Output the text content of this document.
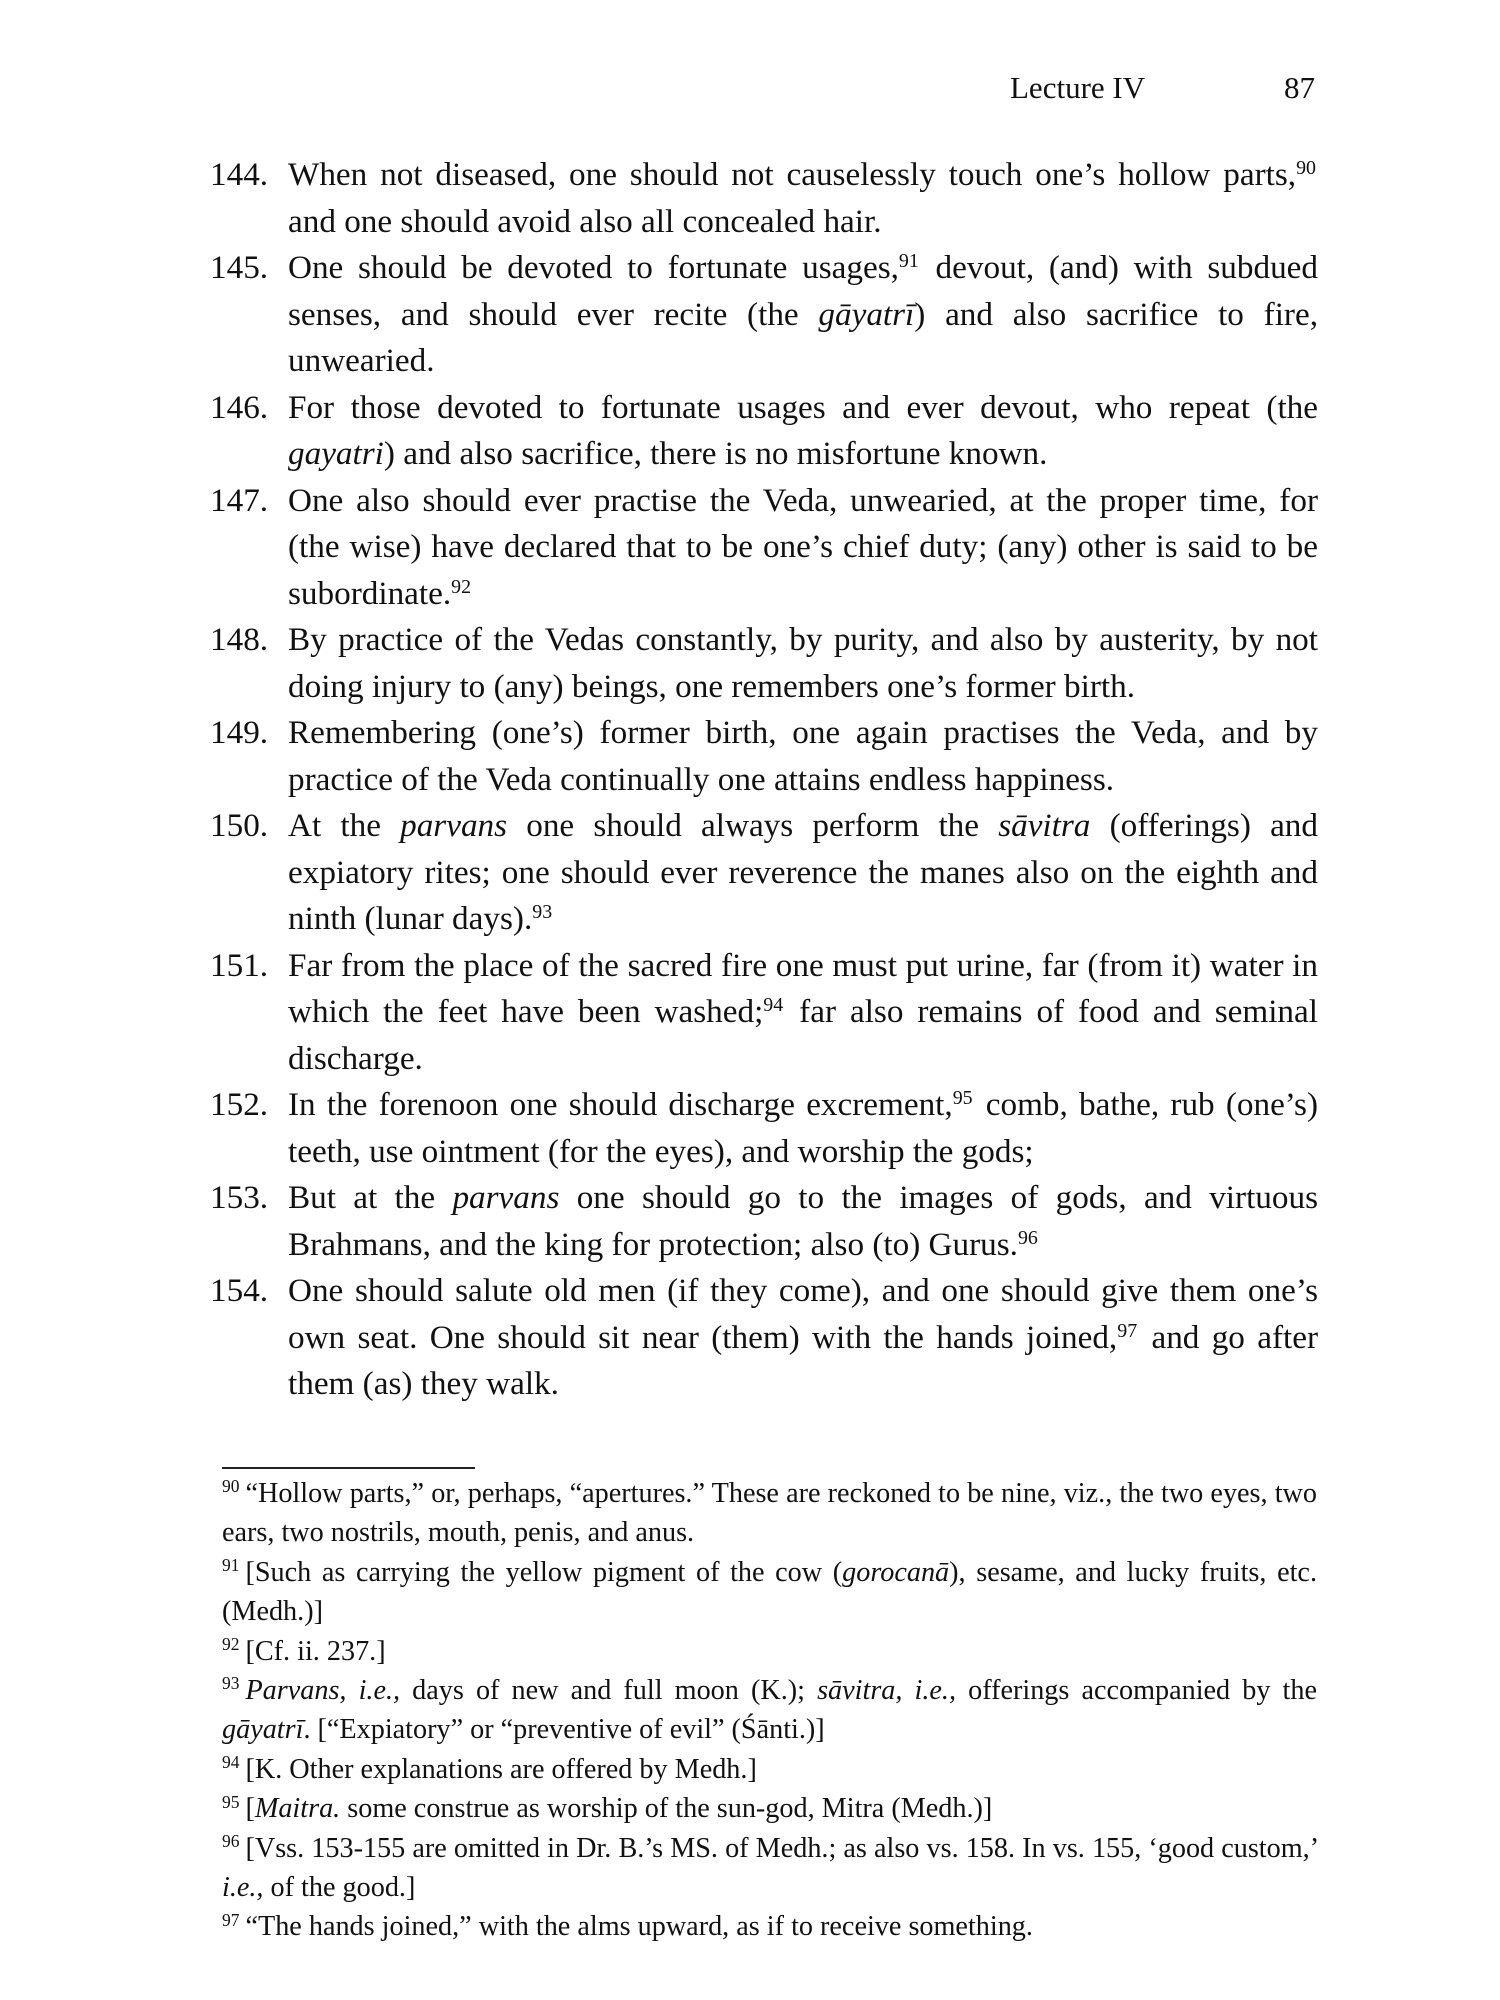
Lecture IV	87

144. When not diseased, one should not causelessly touch one’s hollow parts,$^{90}$ and one should avoid also all concealed hair.

145. One should be devoted to fortunate usages,$^{91}$ devout, (and) with subdued senses, and should ever recite (the gāyatrī) and also sacrifice to fire, unwearied.

146. For those devoted to fortunate usages and ever devout, who repeat (the gayatri) and also sacrifice, there is no misfortune known.

147. One also should ever practise the Veda, unwearied, at the proper time, for (the wise) have declared that to be one’s chief duty; (any) other is said to be subordinate.$^{92}$

148. By practice of the Vedas constantly, by purity, and also by austerity, by not doing injury to (any) beings, one remembers one’s former birth.

149. Remembering (one’s) former birth, one again practises the Veda, and by practice of the Veda continually one attains endless happiness.

150. At the parvans one should always perform the sāvitra (offerings) and expiatory rites; one should ever reverence the manes also on the eighth and ninth (lunar days).$^{93}$

151. Far from the place of the sacred fire one must put urine, far (from it) water in which the feet have been washed;$^{94}$ far also remains of food and seminal discharge.

152. In the forenoon one should discharge excrement,$^{95}$ comb, bathe, rub (one’s) teeth, use ointment (for the eyes), and worship the gods;

153. But at the parvans one should go to the images of gods, and virtuous Brahmans, and the king for protection; also (to) Gurus.$^{96}$

154. One should salute old men (if they come), and one should give them one’s own seat. One should sit near (them) with the hands joined,$^{97}$ and go after them (as) they walk.

$^{90}$ “Hollow parts,” or, perhaps, “apertures.” These are reckoned to be nine, viz., the two eyes, two ears, two nostrils, mouth, penis, and anus.

$^{91}$ [Such as carrying the yellow pigment of the cow (gorocanā), sesame, and lucky fruits, etc. (Medh.)]

$^{92}$ [Cf. ii. 237.]

$^{93}$ Parvans, i.e., days of new and full moon (K.); sāvitra, i.e., offerings accompanied by the gāyatrī. [“Expiatory” or “preventive of evil” (Śānti.)]

$^{94}$ [K. Other explanations are offered by Medh.]

$^{95}$ [Maitra. some construe as worship of the sun-god, Mitra (Medh.)]

$^{96}$ [Vss. 153-155 are omitted in Dr. B.’s MS. of Medh.; as also vs. 158. In vs. 155, ‘good custom,’ i.e., of the good.]

$^{97}$ “The hands joined,” with the alms upward, as if to receive something.
